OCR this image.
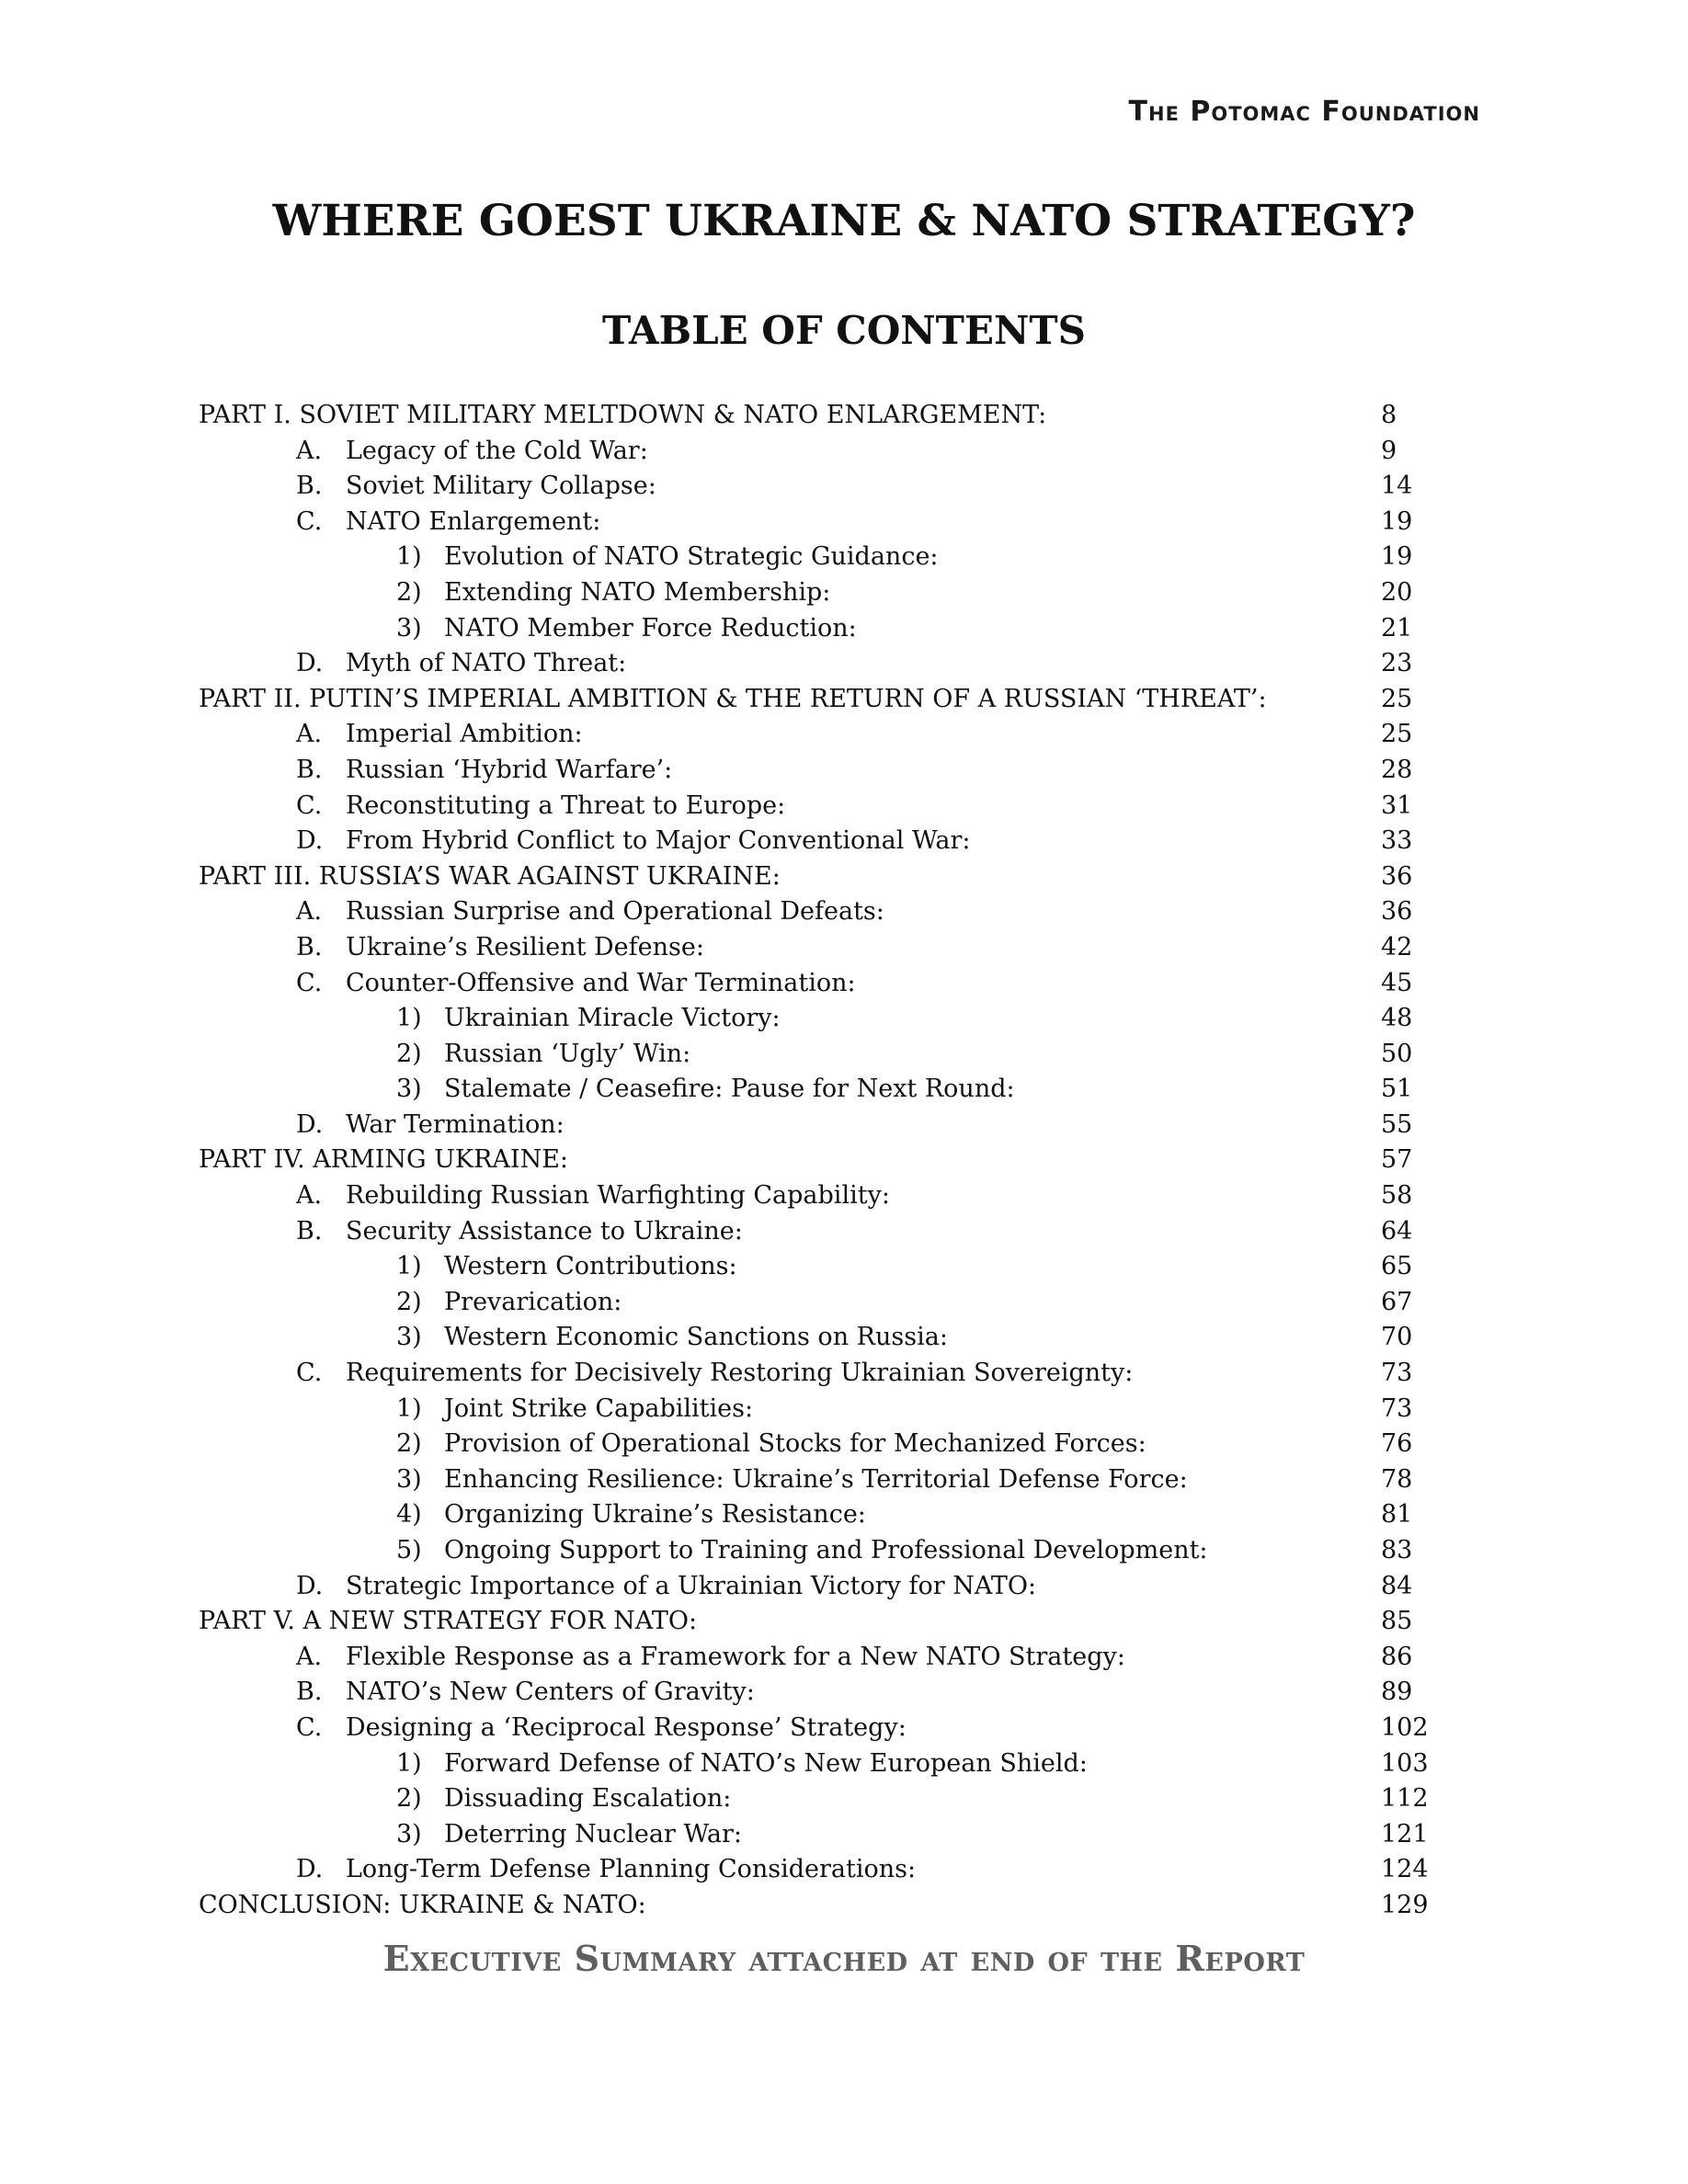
The Potomac Foundation
WHERE GOEST UKRAINE & NATO STRATEGY?
TABLE OF CONTENTS
PART I. SOVIET MILITARY MELTDOWN & NATO ENLARGEMENT:	8
A. Legacy of the Cold War:	9
B. Soviet Military Collapse:	14
C. NATO Enlargement:	19
1) Evolution of NATO Strategic Guidance:	19
2) Extending NATO Membership:	20
3) NATO Member Force Reduction:	21
D. Myth of NATO Threat:	23
PART II. PUTIN’S IMPERIAL AMBITION & THE RETURN OF A RUSSIAN ‘THREAT’:	25
A. Imperial Ambition:	25
B. Russian ‘Hybrid Warfare’:	28
C. Reconstituting a Threat to Europe:	31
D. From Hybrid Conflict to Major Conventional War:	33
PART III. RUSSIA’S WAR AGAINST UKRAINE:	36
A. Russian Surprise and Operational Defeats:	36
B. Ukraine’s Resilient Defense:	42
C. Counter-Offensive and War Termination:	45
1) Ukrainian Miracle Victory:	48
2) Russian ‘Ugly’ Win:	50
3) Stalemate / Ceasefire: Pause for Next Round:	51
D. War Termination:	55
PART IV. ARMING UKRAINE:	57
A. Rebuilding Russian Warfighting Capability:	58
B. Security Assistance to Ukraine:	64
1) Western Contributions:	65
2) Prevarication:	67
3) Western Economic Sanctions on Russia:	70
C. Requirements for Decisively Restoring Ukrainian Sovereignty:	73
1) Joint Strike Capabilities:	73
2) Provision of Operational Stocks for Mechanized Forces:	76
3) Enhancing Resilience: Ukraine’s Territorial Defense Force:	78
4) Organizing Ukraine’s Resistance:	81
5) Ongoing Support to Training and Professional Development:	83
D. Strategic Importance of a Ukrainian Victory for NATO:	84
PART V. A NEW STRATEGY FOR NATO:	85
A. Flexible Response as a Framework for a New NATO Strategy:	86
B. NATO’s New Centers of Gravity:	89
C. Designing a ‘Reciprocal Response’ Strategy:	102
1) Forward Defense of NATO’s New European Shield:	103
2) Dissuading Escalation:	112
3) Deterring Nuclear War:	121
D. Long-Term Defense Planning Considerations:	124
CONCLUSION: UKRAINE & NATO:	129
Executive Summary attached at end of the Report
